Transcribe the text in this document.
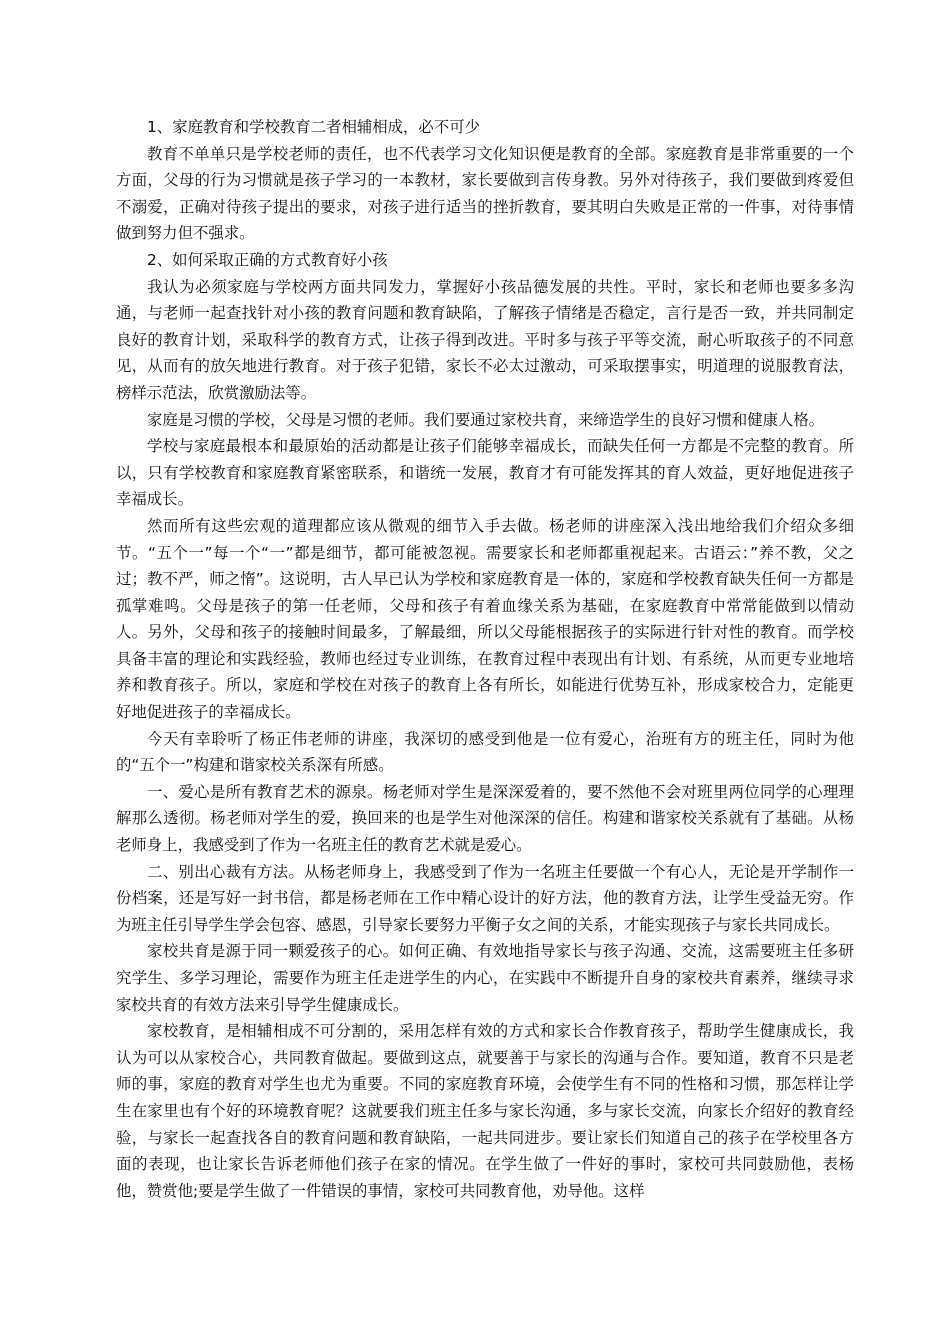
1、家庭教育和学校教育二者相辅相成，必不可少

教育不单单只是学校老师的责任，也不代表学习文化知识便是教育的全部。家庭教育是非常重要的一个方面，父母的行为习惯就是孩子学习的一本教材，家长要做到言传身教。另外对待孩子，我们要做到疼爱但不溺爱，正确对待孩子提出的要求，对孩子进行适当的挫折教育，要其明白失败是正常的一件事，对待事情做到努力但不强求。

2、如何采取正确的方式教育好小孩

我认为必须家庭与学校两方面共同发力，掌握好小孩品德发展的共性。平时，家长和老师也要多多沟通，与老师一起查找针对小孩的教育问题和教育缺陷，了解孩子情绪是否稳定，言行是否一致，并共同制定良好的教育计划，采取科学的教育方式，让孩子得到改进。平时多与孩子平等交流，耐心听取孩子的不同意见，从而有的放矢地进行教育。对于孩子犯错，家长不必太过激动，可采取摆事实，明道理的说服教育法，榜样示范法，欣赏激励法等。

家庭是习惯的学校，父母是习惯的老师。我们要通过家校共育，来缔造学生的良好习惯和健康人格。

学校与家庭最根本和最原始的活动都是让孩子们能够幸福成长，而缺失任何一方都是不完整的教育。所以，只有学校教育和家庭教育紧密联系，和谐统一发展，教育才有可能发挥其的育人效益，更好地促进孩子幸福成长。

然而所有这些宏观的道理都应该从微观的细节入手去做。杨老师的讲座深入浅出地给我们介绍众多细节。“五个一”每一个“一”都是细节，都可能被忽视。需要家长和老师都重视起来。古语云：”养不教，父之过；教不严，师之惰”。这说明，古人早已认为学校和家庭教育是一体的，家庭和学校教育缺失任何一方都是孤掌难鸣。父母是孩子的第一任老师，父母和孩子有着血缘关系为基础，在家庭教育中常常能做到以情动人。另外，父母和孩子的接触时间最多，了解最细，所以父母能根据孩子的实际进行针对性的教育。而学校具备丰富的理论和实践经验，教师也经过专业训练，在教育过程中表现出有计划、有系统，从而更专业地培养和教育孩子。所以，家庭和学校在对孩子的教育上各有所长，如能进行优势互补，形成家校合力，定能更好地促进孩子的幸福成长。

今天有幸聆听了杨正伟老师的讲座，我深切的感受到他是一位有爱心，治班有方的班主任，同时为他的“五个一”构建和谐家校关系深有所感。

一、爱心是所有教育艺术的源泉。杨老师对学生是深深爱着的，要不然他不会对班里两位同学的心理理解那么透彻。杨老师对学生的爱，换回来的也是学生对他深深的信任。构建和谐家校关系就有了基础。从杨老师身上，我感受到了作为一名班主任的教育艺术就是爱心。

二、别出心裁有方法。从杨老师身上，我感受到了作为一名班主任要做一个有心人，无论是开学制作一份档案，还是写好一封书信，都是杨老师在工作中精心设计的好方法，他的教育方法，让学生受益无穷。作为班主任引导学生学会包容、感恩，引导家长要努力平衡子女之间的关系，才能实现孩子与家长共同成长。

家校共育是源于同一颗爱孩子的心。如何正确、有效地指导家长与孩子沟通、交流，这需要班主任多研究学生、多学习理论，需要作为班主任走进学生的内心，在实践中不断提升自身的家校共育素养，继续寻求家校共育的有效方法来引导学生健康成长。

家校教育，是相辅相成不可分割的，采用怎样有效的方式和家长合作教育孩子，帮助学生健康成长，我认为可以从家校合心，共同教育做起。要做到这点，就要善于与家长的沟通与合作。要知道，教育不只是老师的事，家庭的教育对学生也尤为重要。不同的家庭教育环境，会使学生有不同的性格和习惯，那怎样让学生在家里也有个好的环境教育呢？这就要我们班主任多与家长沟通，多与家长交流，向家长介绍好的教育经验，与家长一起查找各自的教育问题和教育缺陷，一起共同进步。要让家长们知道自己的孩子在学校里各方面的表现，也让家长告诉老师他们孩子在家的情况。在学生做了一件好的事时，家校可共同鼓励他，表杨他，赞赏他;要是学生做了一件错误的事情，家校可共同教育他，劝导他。这样
